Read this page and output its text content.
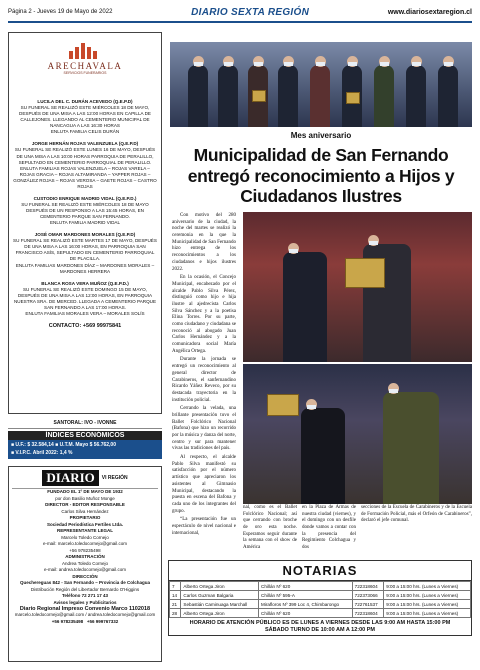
Página 2 - Jueves 19 de Mayo de 2022	DIARIO SEXTA REGIÓN	www.diariosextaregion.cl
ARECHAVALA
SERVICIOS FUNERARIOS
LUCILA DEL C. DURÁN ACEVEDO (Q.E.P.D)
SU FUNERAL SE REALIZÓ ESTE MIÉRCOLES 18 DE MAYO, DESPUÉS DE UNA MISA A LAS 12:00 HORAS EN CAPILLA DE CALLEJONES. LLEGANDO AL CEMENTERIO MUNICIPAL DE NANCAGUA A LAS 16:30 HORAS
ENLUTA FAMILIA CELIS DURÁN
JORGE HERNÁN ROJAS VALENZUELA (Q.E.P.D)
SU FUNERAL SE REALIZÓ ESTE LUNES 16 DE MAYO, DESPUÉS DE UNA MISA A LAS 10:00 HORAS PARROQUIA DE PERALILLO, SEPULTADO EN CEMENTERIO PARROQUIAL DE PERALILLO.
ENLUTA FAMILIAS ROJAS VALENZUELA – ROJAS VARELA – ROJAS GRACIA – ROJAS ALTAMIRANDA – YAPPER ROJAS – GONZÁLEZ ROJAS – ROJAS VEROSA – GAETE ROJAS – CASTRO ROJAS
CUSTODIO ENRIQUE MADRID VIDAL (Q.E.P.D.)
SU FUNERAL SE REALIZÓ ESTE MIÉRCOLES 18 DE MAYO DESPUÉS DE UN RESPONSO A LAS 15:45 HORAS, EN CEMENTERIO PARQUE SAN FERNANDO.
ENLUTA FAMILIA MADRID VIDAL
JOSÉ OMAR MARDONES MORALES (Q.E.P.D)
SU FUNERAL SE REALIZÓ ESTE MARTES 17 DE MAYO, DESPUÉS DE UNA MISA A LAS 16:00 HORAS, EN PARROQUIA SAN FRANCISCO ASÍS, SEPULTADO EN CEMENTERIO PARROQUIAL DE PLACILLA.
ENLUTA FAMILIAS MARDONES DÍAZ – MARDONES MORALES – MARDONES HERRERA
BLANCA ROSA VERA MUÑOZ (Q.E.P.D.)
SU FUNERAL SE REALIZÓ ESTE DOMINGO 15 DE MAYO, DESPUÉS DE UNA MISA A LAS 12:00 HORAS, EN PARROQUIA NUESTRA SRA. DE MERCED. LLEGADA A CEMENTERIO PARQUE SAN FERNANDO A LAS 17:00 HORAS.
ENLUTA FAMILIAS MORALES VERA – MORALES SOLÍS
CONTACTO: +569 99975841
SANTORAL: IVO - IVONNE
ÍNDICES ECONÓMICOS
■ U.F.: $ 32.584,14 ■ U.T.M. Mayo $ 56.762,00
■ V.I.P.C. Abril 2022: 1,4 %
DIARIO	VI REGIÓN
FUNDADO EL 1º DE MAYO DE 1932
por don Basilio Muñoz Monge
DIRECTOR - EDITOR RESPONSABLE
Carlos Silva Hernández
PROPIETARIO
Sociedad Periodística Fertiles Ltda.
REPRESENTANTE LEGAL
Marcelo Toledo Cornejo
e-mail: marcelo.toledocornejo@gmail.com
+56 978235498
ADMINISTRACIÓN
Andrea Toledo Cornejo
e-mail: andrea.toledocornejo@gmail.com
DIRECCIÓN
Quechereguas 842 - San Fernando – Provincia de Colchagua
Distribución Región del Libertador Bernardo O'Higgins
Teléfono 72 271 17 43
Avisos legales y Publicitarios
Diario Regional Impreso Convenio Marco 1102018
marcelo.toledocornejo@gmail.com / andrea.toledocornejo@gmail.com
+56 978235498 +56 999767332
Mes aniversario
Municipalidad de San Fernando entregó reconocimiento a Hijos y Ciudadanos Ilustres

Con motivo del 280 aniversario de la ciudad, la noche del martes se realizó la ceremonia en la que la Municipalidad de San Fernando hizo entrega de los reconocimientos a los ciudadanos e hijos ilustres 2022.

En la ocasión, el Concejo Municipal, encabezado por el alcalde Pablo Silva Pérez, distinguió como hijo e hija ilustre al ajedrecista Carlos Silva Sánchez y a la poetisa Elina Torres. Por su parte, como ciudadano y ciudadana se reconoció al abogado Juan Carlos Hernández y a la comunicadora social María Angélica Ortega.

Durante la jornada se entregó un reconocimiento al general director de Carabineros, el sanfernandino Ricardo Yáñez Reveco, por su destacada trayectoria en la institución policial.

Cerrando la velada, una brillante presentación tuvo el Ballet Folclórico Nacional (Bafona) que hizo un recorrido por la música y danza del norte, centro y sur para mantener vivas las tradiciones del país.

Al respecto, el alcalde Pablo Silva manifestó su satisfacción por el número artístico que apreciaron los asistentes al Gimnasio Municipal, destacando la puesta en escena del Bafona y cada uno de los integrantes del grupo.

“La presentación fue un espectáculo de nivel nacional e internacional,

nal, como es el Ballet Folclórico Nacional; así que cerrando con broche de oro esta noche. Esperamos seguir durante la semana con el show de América
en la Plaza de Armas de nuestra ciudad (viernes), y el domingo con un desfile donde vamos a contar con la presencia del Regimiento Colchagua y dos
secciones de la Escuela de Carabineros y de la Escuela de Formación Policial, más el Orfeón de Carabineros”, declaró el jefe comunal.
NOTARIAS
7	Alberto Ortega Jiron	Chillán Nº 620	722318604	9:00 a 15:00 hrs. (Lunes a Viernes)
14	Carlos Guzman Balgaria	Chillán Nº 595-A	722373066	9:00 a 15:00 hrs. (Lunes a Viernes)
21	Sebastián Caminuaga Marchall	Mirafloros Nº 399 Loc 4, Chimbarongo	722761537	9:00 a 15:00 hrs. (Lunes a Viernes)
28	Alberto Ortega Jiron	Chillán Nº 620	722318604	9:00 a 15:00 hrs. (Lunes a Viernes)
HORARIO DE ATENCIÓN PÚBLICO ES DE LUNES A VIERNES DESDE LAS 9:00 AM HASTA 15:00 PM
SÁBADO TURNO DE 10:00 AM A 12:00 PM
